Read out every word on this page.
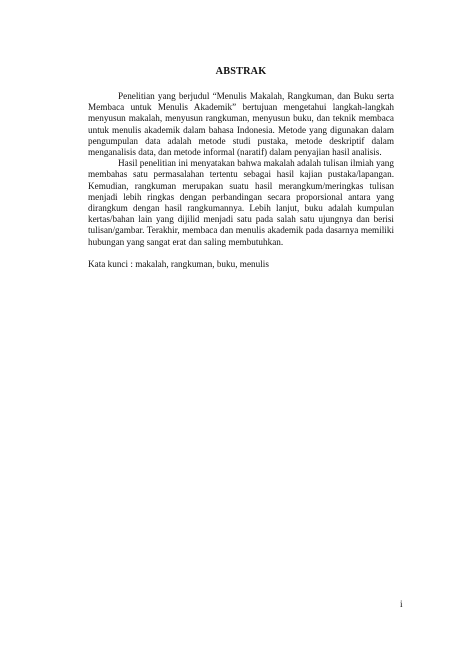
ABSTRAK

Penelitian yang berjudul “Menulis Makalah, Rangkuman, dan Buku serta Membaca untuk Menulis Akademik” bertujuan mengetahui langkah-langkah menyusun makalah, menyusun rangkuman, menyusun buku, dan teknik membaca untuk menulis akademik dalam bahasa Indonesia. Metode yang digunakan dalam pengumpulan data adalah metode studi pustaka, metode deskriptif dalam menganalisis data, dan metode informal (naratif) dalam penyajian hasil analisis.

Hasil penelitian ini menyatakan bahwa makalah adalah tulisan ilmiah yang membahas satu permasalahan tertentu sebagai hasil kajian pustaka/lapangan. Kemudian, rangkuman merupakan suatu hasil merangkum/meringkas tulisan menjadi lebih ringkas dengan perbandingan secara proporsional antara yang dirangkum dengan hasil rangkumannya. Lebih lanjut, buku adalah kumpulan kertas/bahan lain yang dijilid menjadi satu pada salah satu ujungnya dan berisi tulisan/gambar. Terakhir, membaca dan menulis akademik pada dasarnya memiliki hubungan yang sangat erat dan saling membutuhkan.

Kata kunci : makalah, rangkuman, buku, menulis
i
